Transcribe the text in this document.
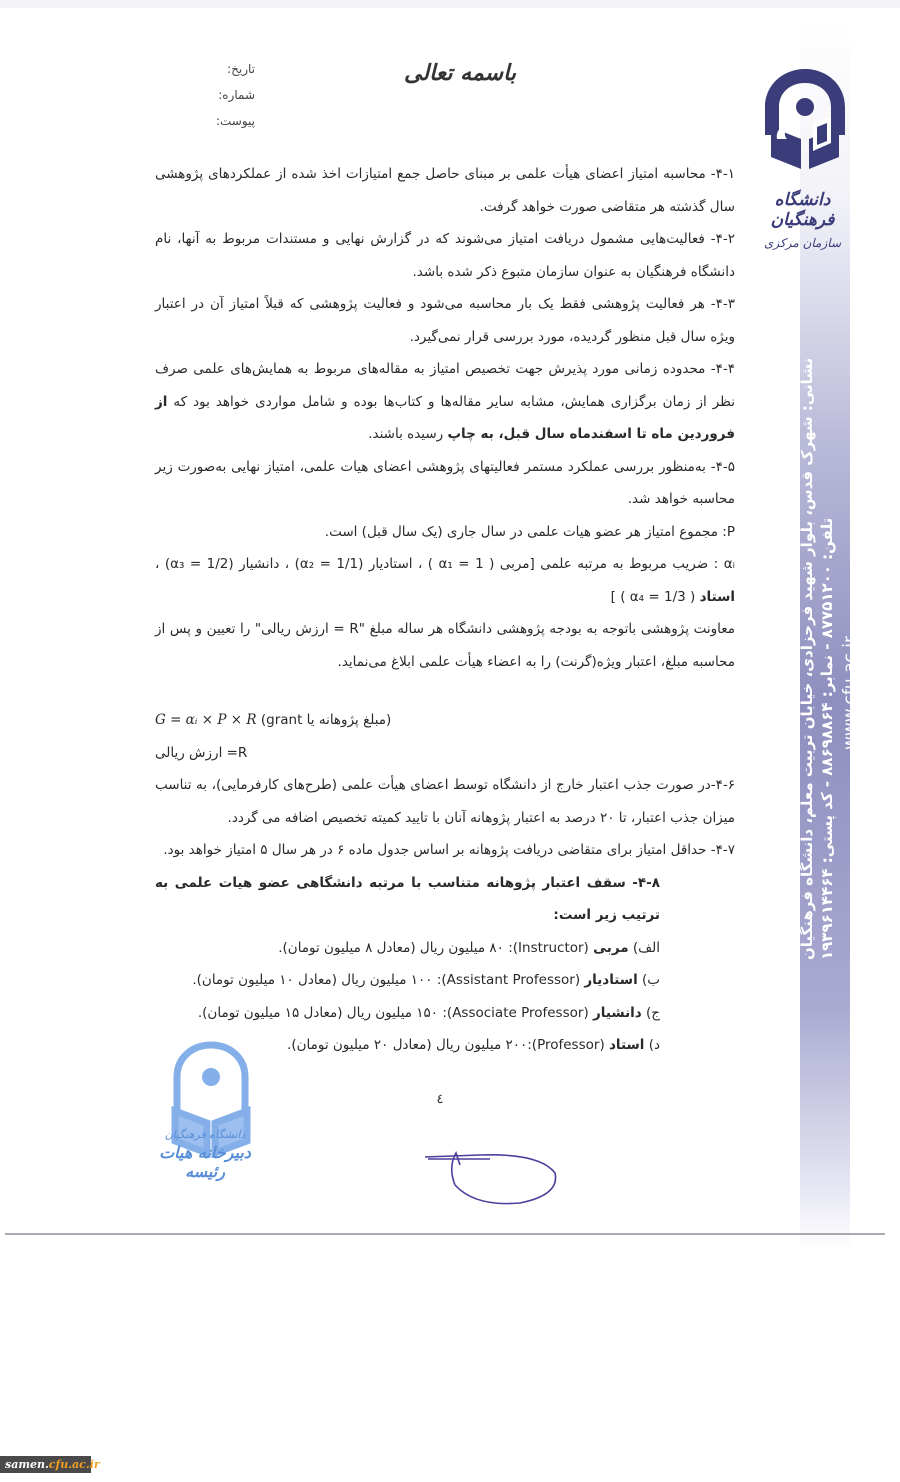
نشانی: شهرک قدس، بلوار شهید فرحزادی، خیابان تربیت معلم، دانشگاه فرهنگیان تلفن: ۸۷۷۵۱۲۰۰ - نمابر: ۸۸۶۹۸۸۶۴ - کد پستی: ۱۹۳۹۶۱۴۴۶۴
www.cfu.ac.ir
دانشگاه فرهنگیان
سازمان مرکزی
باسمه تعالی
تاریخ:
شماره:
پیوست:

۴-۱- محاسبه امتیاز اعضای هیأت علمی بر مبنای حاصل جمع امتیازات اخذ شده از عملکردهای پژوهشی سال گذشته هر متقاضی صورت خواهد گرفت.

۴-۲- فعالیت‌هایی مشمول دریافت امتیاز می‌شوند که در گزارش نهایی و مستندات مربوط به آنها، نام دانشگاه فرهنگیان به عنوان سازمان متبوع ذکر شده باشد.

۴-۳- هر فعالیت پژوهشی فقط یک بار محاسبه می‌شود و فعالیت پژوهشی که قبلاً امتیاز آن در اعتبار ویژه سال قبل منظور گردیده، مورد بررسی قرار نمی‌گیرد.

۴-۴- محدوده زمانی مورد پذیرش جهت تخصیص امتیاز به مقاله‌های مربوط به همایش‌های علمی صرف نظر از زمان برگزاری همایش، مشابه سایر مقاله‌ها و کتاب‌ها بوده و شامل مواردی خواهد بود که از فروردین ماه تا اسفندماه سال قبل، به چاپ رسیده باشند.

۴-۵- به‌منظور بررسی عملکرد مستمر فعالیتهای پژوهشی اعضای هیات علمی، امتیاز نهایی به‌صورت زیر محاسبه خواهد شد.

P: مجموع امتیاز هر عضو هیات علمی در سال جاری (یک سال قبل) است.

αᵢ : ضریب مربوط به مرتبه علمی [مربی ( α₁ = 1 ) ، استادیار (α₂ = 1/1) ، دانشیار (α₃ = 1/2) ، استاد ( α₄ = 1/3 ) ]

معاونت پژوهشی باتوجه به بودجه پژوهشی دانشگاه هر ساله مبلغ "R = ارزش ریالی" را تعیین و پس از محاسبه مبلغ، اعتبار ویژه(گرنت) را به اعضاء هیأت علمی ابلاغ می‌نماید.

(مبلغ پژوهانه یا grant) G = αᵢ × P × R

R= ارزش ریالی

۴-۶-در صورت جذب اعتبار خارج از دانشگاه توسط اعضای هیأت علمی (طرح‌های کارفرمایی)، به تناسب میزان جذب اعتبار، تا ۲۰ درصد به اعتبار پژوهانه آنان با تایید کمیته تخصیص اضافه می گردد.

۴-۷- حداقل امتیاز برای متقاضی دریافت پژوهانه بر اساس جدول ماده ۶ در هر سال ۵ امتیاز خواهد بود.

۴-۸- سقف اعتبار پژوهانه متناسب با مرتبه دانشگاهی عضو هیات علمی به ترتیب زیر است:

الف) مربی (Instructor): ۸۰ میلیون ریال (معادل ۸ میلیون تومان).

ب) استادیار (Assistant Professor): ۱۰۰ میلیون ریال (معادل ۱۰ میلیون تومان).

ج) دانشیار (Associate Professor): ۱۵۰ میلیون ریال (معادل ۱۵ میلیون تومان).

د) استاد (Professor):۲۰۰ میلیون ریال (معادل ۲۰ میلیون تومان).

٤
دانشگاه فرهنگیان
دبیرخانه هیات رئیسه
samen.cfu.ac.ir
